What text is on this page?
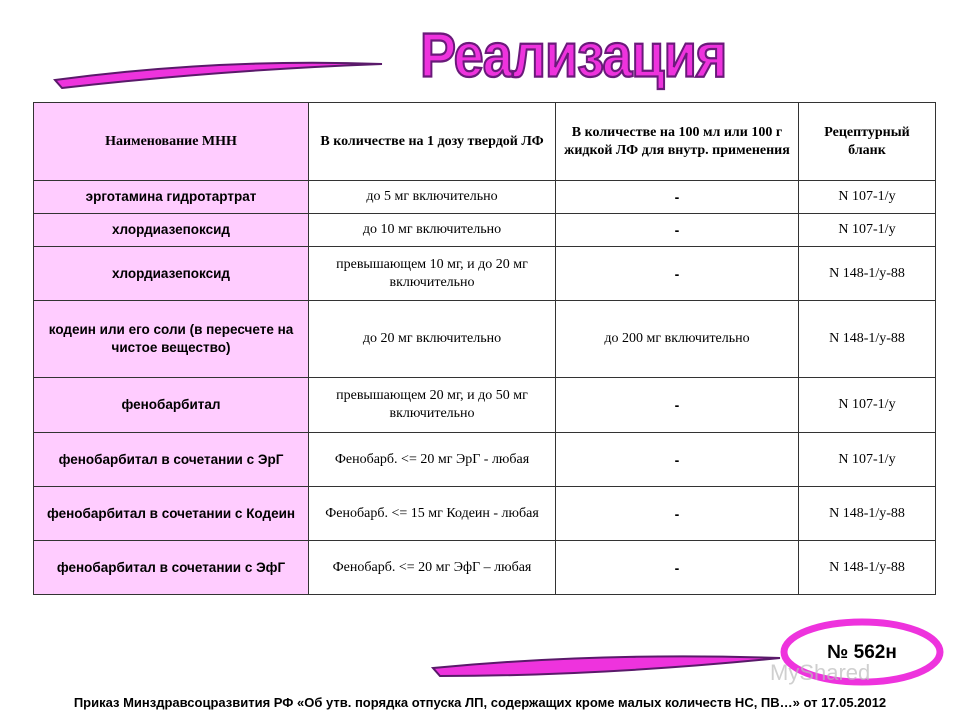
Реализация
Наименование МНН	В количестве на 1 дозу твердой ЛФ	В количестве на 100 мл или 100 г жидкой ЛФ для внутр. применения	Рецептурный бланк
эрготамина гидротартрат	до 5 мг включительно	-	N 107-1/у
хлордиазепоксид	до 10 мг включительно	-	N 107-1/у
хлордиазепоксид	превышающем 10 мг, и до 20 мг включительно	-	N 148-1/у-88
кодеин или его соли (в пересчете на чистое вещество)	до 20 мг включительно	до 200 мг включительно	N 148-1/у-88
фенобарбитал	превышающем 20 мг, и до 50 мг включительно	-	N 107-1/у
фенобарбитал в сочетании с ЭрГ	Фенобарб. <= 20 мг ЭрГ - любая	-	N 107-1/у
фенобарбитал в сочетании с Кодеин	Фенобарб. <= 15 мг Кодеин - любая	-	N 148-1/у-88
фенобарбитал в сочетании с ЭфГ	Фенобарб. <= 20 мг ЭфГ – любая	-	N 148-1/у-88
MyShared
№ 562н
Приказ Минздравсоцразвития РФ «Об утв. порядка отпуска ЛП, содержащих кроме малых количеств НС, ПВ…» от 17.05.2012
